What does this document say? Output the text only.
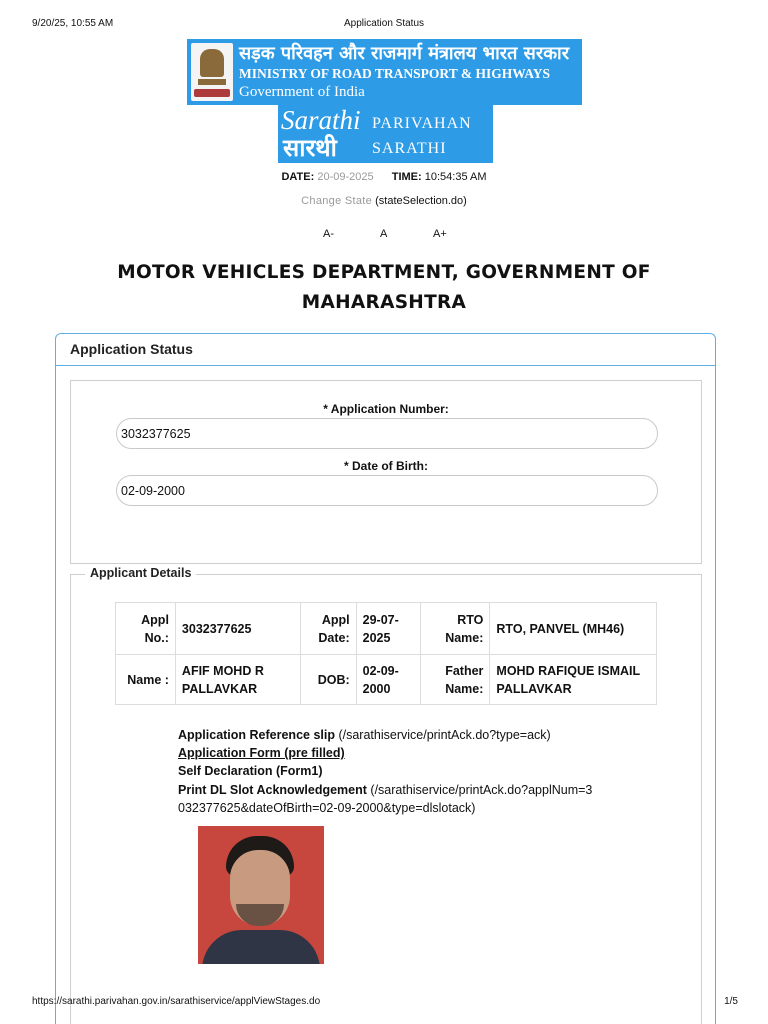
9/20/25, 10:55 AM	Application Status
सड़क परिवहन और राजमार्ग मंत्रालय भारत सरकार
MINISTRY OF ROAD TRANSPORT & HIGHWAYS
Government of India
Sarathi
सारथी
PARIVAHAN
SARATHI
DATE: 20-09-2025 TIME: 10:54:35 AM
Change State (stateSelection.do)
A-	A	A+
MOTOR VEHICLES DEPARTMENT, GOVERNMENT OF MAHARASHTRA
Application Status
* Application Number:
3032377625
* Date of Birth:
02-09-2000
Applicant Details
Appl No.:	3032377625	Appl Date:	29-07-2025	RTO Name:	RTO, PANVEL (MH46)
Name :	AFIF MOHD R PALLAVKAR	DOB:	02-09-2000	Father Name:	MOHD RAFIQUE ISMAIL PALLAVKAR
Application Reference slip (/sarathiservice/printAck.do?type=ack)
Application Form (pre filled)
Self Declaration (Form1)
Print DL Slot Acknowledgement (/sarathiservice/printAck.do?applNum=3032377625&dateOfBirth=02-09-2000&type=dlslotack)
https://sarathi.parivahan.gov.in/sarathiservice/applViewStages.do	1/5
